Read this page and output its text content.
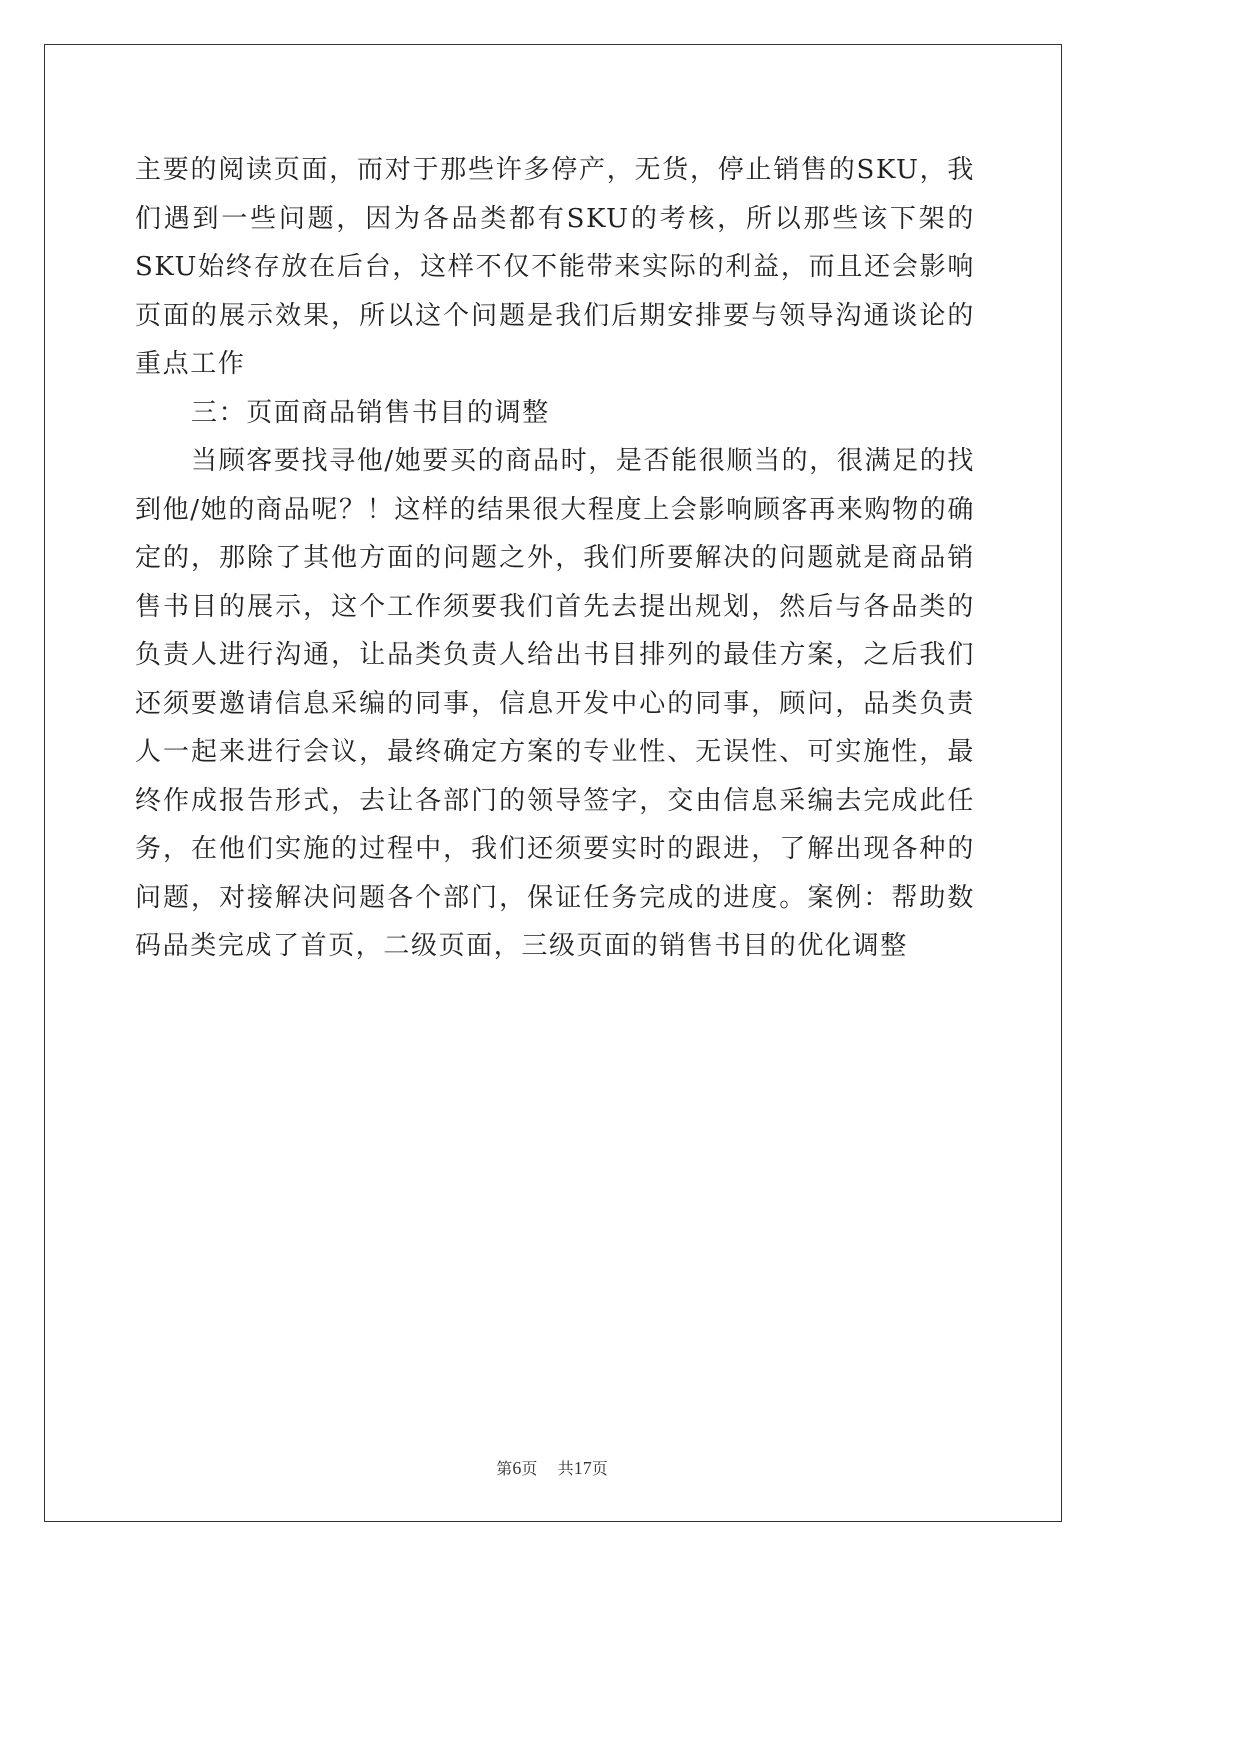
主要的阅读页面，而对于那些许多停产，无货，停止销售的SKU，我们遇到一些问题，因为各品类都有SKU的考核，所以那些该下架的SKU始终存放在后台，这样不仅不能带来实际的利益，而且还会影响页面的展示效果，所以这个问题是我们后期安排要与领导沟通谈论的重点工作

三：页面商品销售书目的调整

当顾客要找寻他/她要买的商品时，是否能很顺当的，很满足的找到他/她的商品呢？！这样的结果很大程度上会影响顾客再来购物的确定的，那除了其他方面的问题之外，我们所要解决的问题就是商品销售书目的展示，这个工作须要我们首先去提出规划，然后与各品类的负责人进行沟通，让品类负责人给出书目排列的最佳方案，之后我们还须要邀请信息采编的同事，信息开发中心的同事，顾问，品类负责人一起来进行会议，最终确定方案的专业性、无误性、可实施性，最终作成报告形式，去让各部门的领导签字，交由信息采编去完成此任务，在他们实施的过程中，我们还须要实时的跟进，了解出现各种的问题，对接解决问题各个部门，保证任务完成的进度。案例：帮助数码品类完成了首页，二级页面，三级页面的销售书目的优化调整

第6页 共17页
